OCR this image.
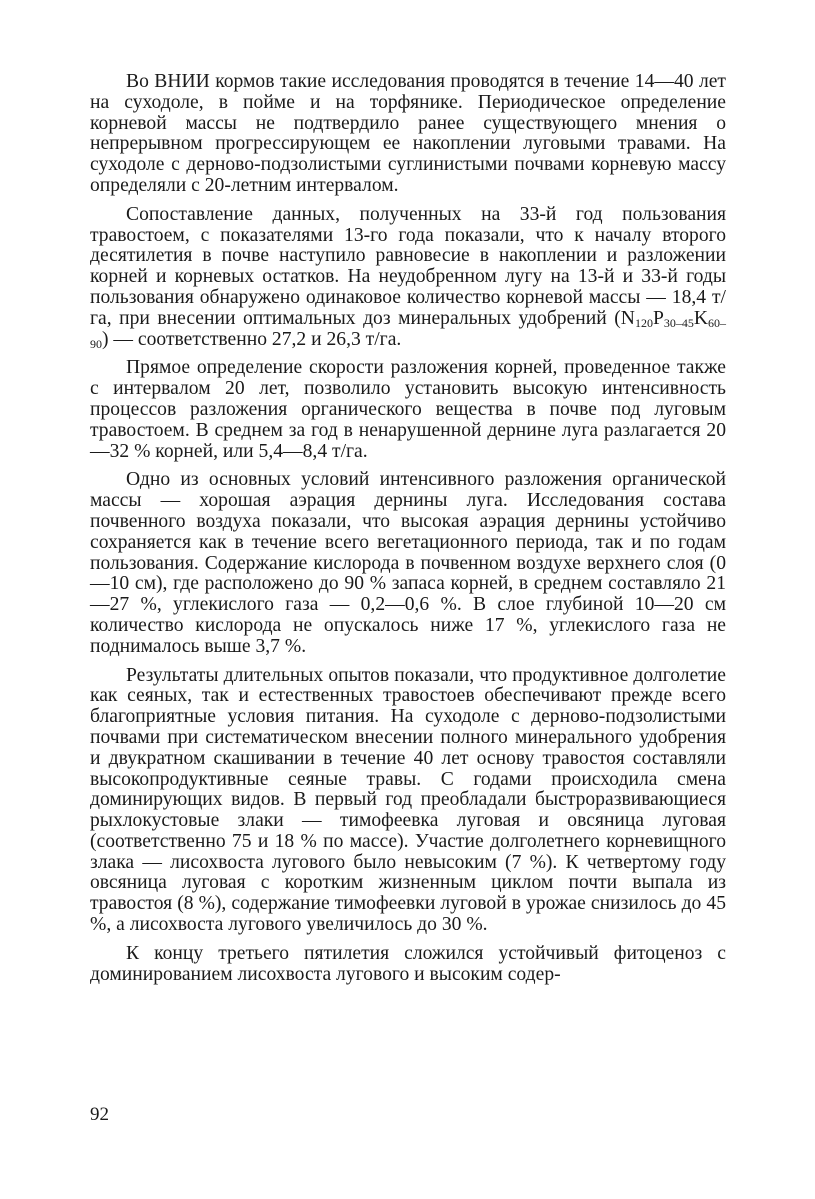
Во ВНИИ кормов такие исследования проводятся в течение 14—40 лет на суходоле, в пойме и на торфянике. Периодическое определение корневой массы не подтвердило ранее существующего мнения о непрерывном прогрессирующем ее накоплении луговыми травами. На суходоле с дерново-подзолистыми суглинистыми почвами корневую массу определяли с 20-летним интервалом.

Сопоставление данных, полученных на 33-й год пользования травостоем, с показателями 13-го года показали, что к началу второго десятилетия в почве наступило равновесие в накоплении и разложении корней и корневых остатков. На неудобренном лугу на 13-й и 33-й годы пользования обнаружено одинаковое количество корневой массы — 18,4 т/га, при внесении оптимальных доз минеральных удобрений $(N_{120}P_{30-45}K_{60-90})$ — соответственно 27,2 и 26,3 т/га.

Прямое определение скорости разложения корней, проведенное также с интервалом 20 лет, позволило установить высокую интенсивность процессов разложения органического вещества в почве под луговым травостоем. В среднем за год в ненарушенной дернине луга разлагается 20—32 % корней, или 5,4—8,4 т/га.

Одно из основных условий интенсивного разложения органической массы — хорошая аэрация дернины луга. Исследования состава почвенного воздуха показали, что высокая аэрация дернины устойчиво сохраняется как в течение всего вегетационного периода, так и по годам пользования. Содержание кислорода в почвенном воздухе верхнего слоя (0—10 см), где расположено до 90 % запаса корней, в среднем составляло 21—27 %, углекислого газа — 0,2—0,6 %. В слое глубиной 10—20 см количество кислорода не опускалось ниже 17 %, углекислого газа не поднималось выше 3,7 %.

Результаты длительных опытов показали, что продуктивное долголетие как сеяных, так и естественных травостоев обеспечивают прежде всего благоприятные условия питания. На суходоле с дерново-подзолистыми почвами при систематическом внесении полного минерального удобрения и двукратном скашивании в течение 40 лет основу травостоя составляли высокопродуктивные сеяные травы. С годами происходила смена доминирующих видов. В первый год преобладали быстроразвивающиеся рыхлокустовые злаки — тимофеевка луговая и овсяница луговая (соответственно 75 и 18 % по массе). Участие долголетнего корневищного злака — лисохвоста лугового было невысоким (7 %). К четвертому году овсяница луговая с коротким жизненным циклом почти выпала из травостоя (8 %), содержание тимофеевки луговой в урожае снизилось до 45 %, а лисохвоста лугового увеличилось до 30 %.

К концу третьего пятилетия сложился устойчивый фитоценоз с доминированием лисохвоста лугового и высоким содер-

92
